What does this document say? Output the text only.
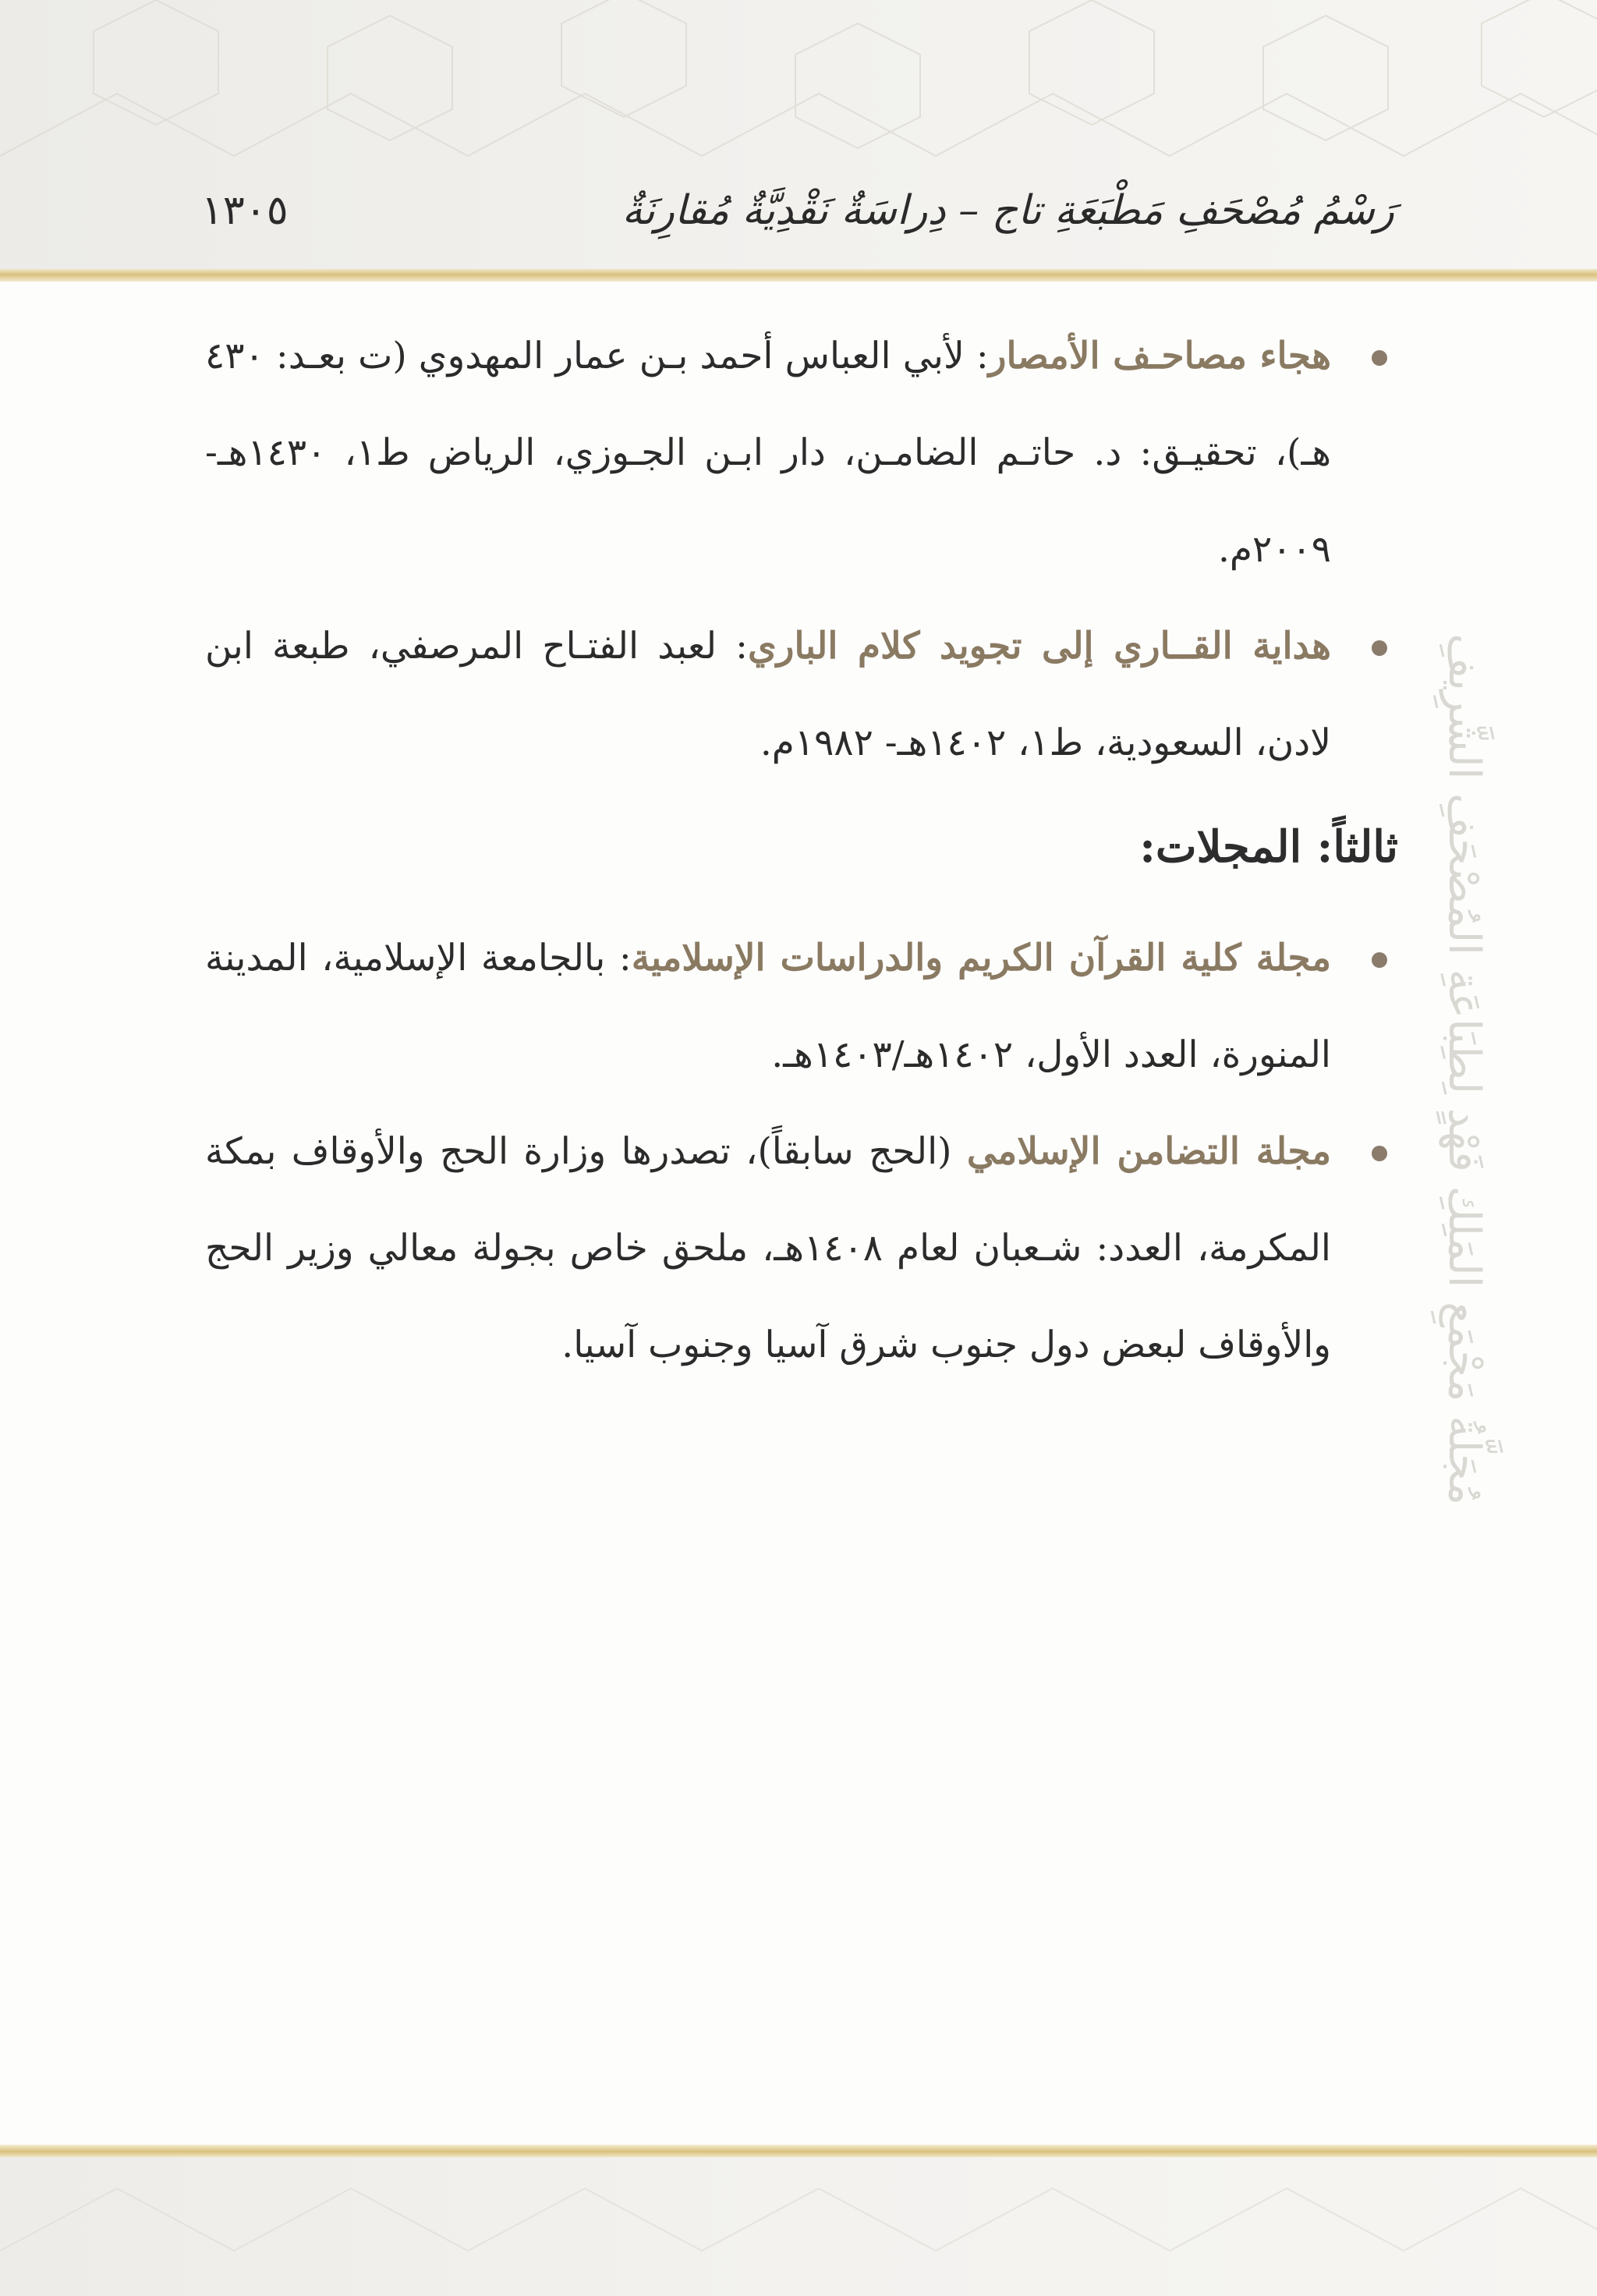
رَسْمُ مُصْحَفِ مَطْبَعَةِ تاج – دِراسَةٌ نَقْدِيَّةٌ مُقارِنَةٌ
١٣٠٥
مُجَلَّةُ مَجْمَعِ المَلِكِ فَهْدٍ لِطِبَاعَةِ المُصْحَفِ الشَّرِيفِ
هجاء مصاحـف الأمصار: لأبي العباس أحمد بـن عمار المهدوي (ت بعـد: ٤٣٠ هـ)، تحقيـق: د. حاتـم الضامـن، دار ابـن الجـوزي، الرياض ط١، ١٤٣٠هـ- ٢٠٠٩م.
هداية القــاري إلى تجويد كلام الباري: لعبد الفتـاح المرصفي، طبعة ابن لادن، السعودية، ط١، ١٤٠٢هـ- ١٩٨٢م.
ثالثاً: المجلات:
مجلة كلية القرآن الكريم والدراسات الإسلامية: بالجامعة الإسلامية، المدينة المنورة، العدد الأول، ١٤٠٢هـ/١٤٠٣هـ.
مجلة التضامن الإسلامي (الحج سابقاً)، تصدرها وزارة الحج والأوقاف بمكة المكرمة، العدد: شـعبان لعام ١٤٠٨هـ، ملحق خاص بجولة معالي وزير الحج والأوقاف لبعض دول جنوب شرق آسيا وجنوب آسيا.
